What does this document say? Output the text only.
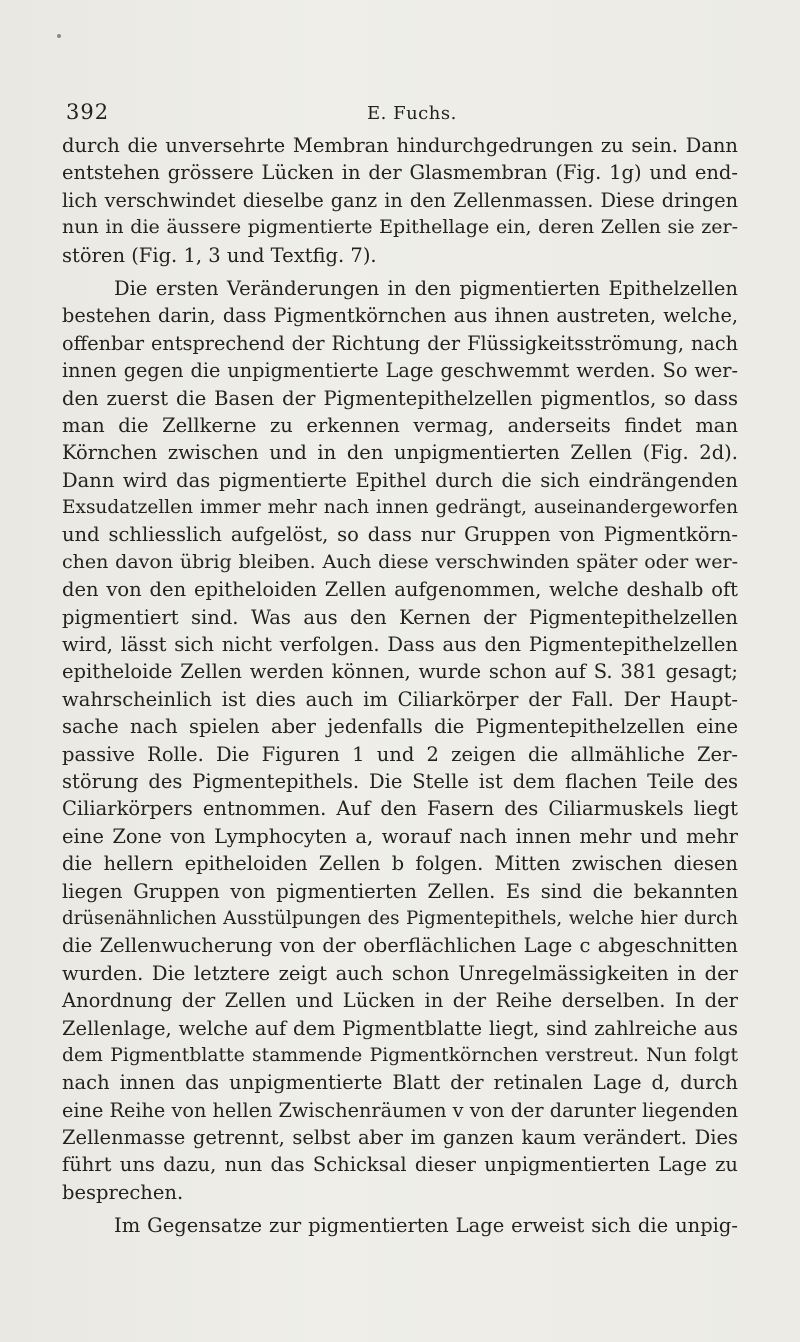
392	E. Fuchs.
durch die unversehrte Membran hindurchgedrungen zu sein. Dann
entstehen grössere Lücken in der Glasmembran (Fig. 1g) und end-
lich verschwindet dieselbe ganz in den Zellenmassen. Diese dringen
nun in die äussere pigmentierte Epithellage ein, deren Zellen sie zer-
stören (Fig. 1, 3 und Textfig. 7).
Die ersten Veränderungen in den pigmentierten Epithelzellen
bestehen darin, dass Pigmentkörnchen aus ihnen austreten, welche,
offenbar entsprechend der Richtung der Flüssigkeitsströmung, nach
innen gegen die unpigmentierte Lage geschwemmt werden. So wer-
den zuerst die Basen der Pigmentepithelzellen pigmentlos, so dass
man die Zellkerne zu erkennen vermag, anderseits findet man
Körnchen zwischen und in den unpigmentierten Zellen (Fig. 2d).
Dann wird das pigmentierte Epithel durch die sich eindrängenden
Exsudatzellen immer mehr nach innen gedrängt, auseinandergeworfen
und schliesslich aufgelöst, so dass nur Gruppen von Pigmentkörn-
chen davon übrig bleiben. Auch diese verschwinden später oder wer-
den von den epitheloiden Zellen aufgenommen, welche deshalb oft
pigmentiert sind. Was aus den Kernen der Pigmentepithelzellen
wird, lässt sich nicht verfolgen. Dass aus den Pigmentepithelzellen
epitheloide Zellen werden können, wurde schon auf S. 381 gesagt;
wahrscheinlich ist dies auch im Ciliarkörper der Fall. Der Haupt-
sache nach spielen aber jedenfalls die Pigmentepithelzellen eine
passive Rolle. Die Figuren 1 und 2 zeigen die allmähliche Zer-
störung des Pigmentepithels. Die Stelle ist dem flachen Teile des
Ciliarkörpers entnommen. Auf den Fasern des Ciliarmuskels liegt
eine Zone von Lymphocyten a, worauf nach innen mehr und mehr
die hellern epitheloiden Zellen b folgen. Mitten zwischen diesen
liegen Gruppen von pigmentierten Zellen. Es sind die bekannten
drüsenähnlichen Ausstülpungen des Pigmentepithels, welche hier durch
die Zellenwucherung von der oberflächlichen Lage c abgeschnitten
wurden. Die letztere zeigt auch schon Unregelmässigkeiten in der
Anordnung der Zellen und Lücken in der Reihe derselben. In der
Zellenlage, welche auf dem Pigmentblatte liegt, sind zahlreiche aus
dem Pigmentblatte stammende Pigmentkörnchen verstreut. Nun folgt
nach innen das unpigmentierte Blatt der retinalen Lage d, durch
eine Reihe von hellen Zwischenräumen v von der darunter liegenden
Zellenmasse getrennt, selbst aber im ganzen kaum verändert. Dies
führt uns dazu, nun das Schicksal dieser unpigmentierten Lage zu
besprechen.
Im Gegensatze zur pigmentierten Lage erweist sich die unpig-
